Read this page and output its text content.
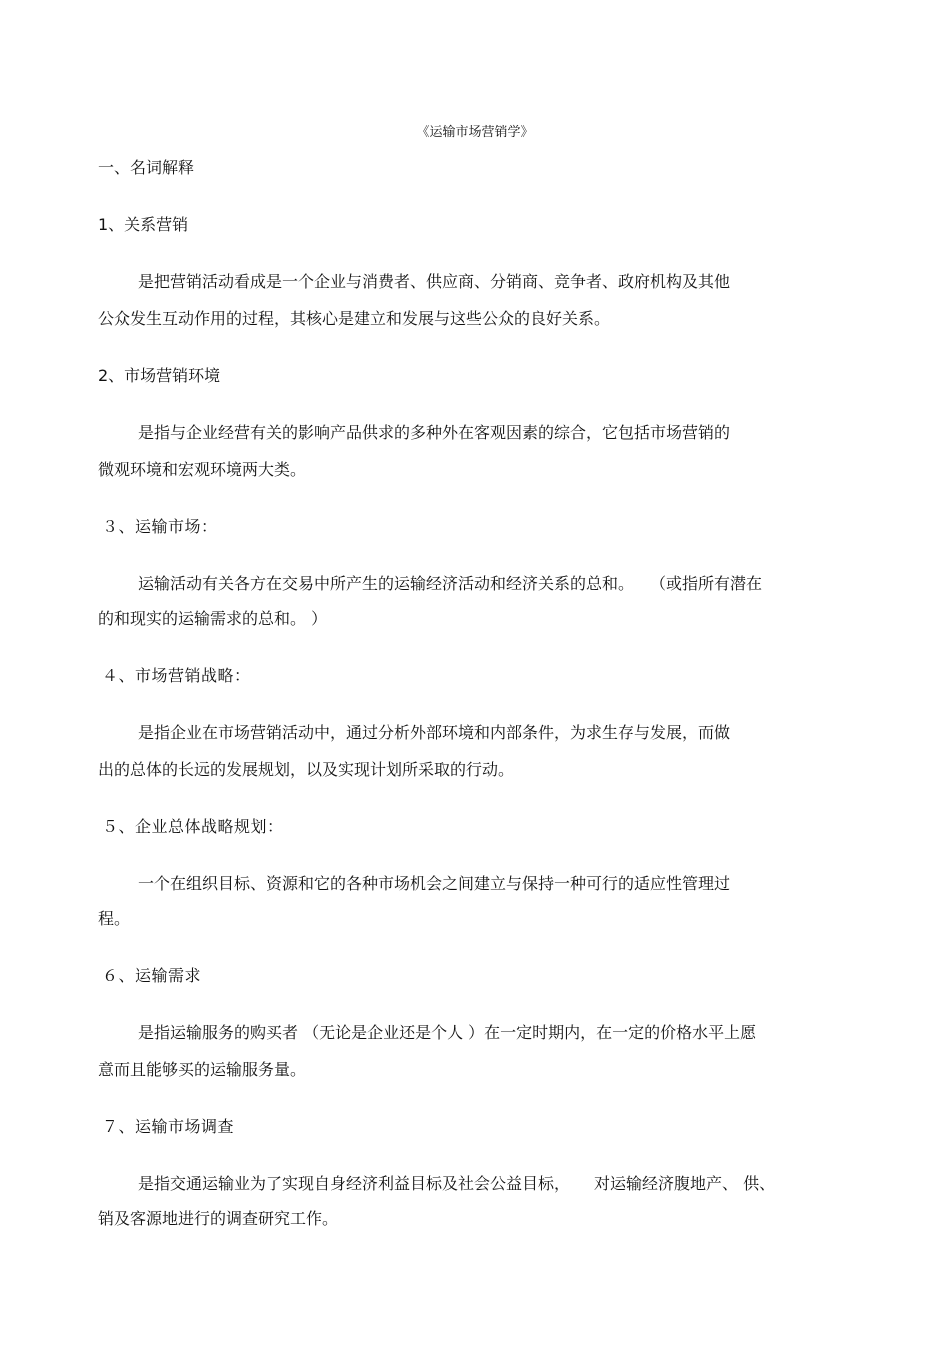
《运输市场营销学》
一、名词解释
1、关系营销
是把营销活动看成是一个企业与消费者、供应商、分销商、竞争者、政府机构及其他
公众发生互动作用的过程，其核心是建立和发展与这些公众的良好关系。
2、市场营销环境
是指与企业经营有关的影响产品供求的多种外在客观因素的综合，它包括市场营销的
微观环境和宏观环境两大类。
３、运输市场：
运输活动有关各方在交易中所产生的运输经济活动和经济关系的总和。　　（或指所有潜在
的和现实的运输需求的总和。 ）
４、市场营销战略：
是指企业在市场营销活动中，通过分析外部环境和内部条件，为求生存与发展，而做
出的总体的长远的发展规划，以及实现计划所采取的行动。
５、企业总体战略规划：
一个在组织目标、资源和它的各种市场机会之间建立与保持一种可行的适应性管理过
程。
６、运输需求
是指运输服务的购买者 （无论是企业还是个人 ）在一定时期内，在一定的价格水平上愿
意而且能够买的运输服务量。
７、运输市场调查
是指交通运输业为了实现自身经济利益目标及社会公益目标，　　对运输经济腹地产、 供、
销及客源地进行的调查研究工作。
